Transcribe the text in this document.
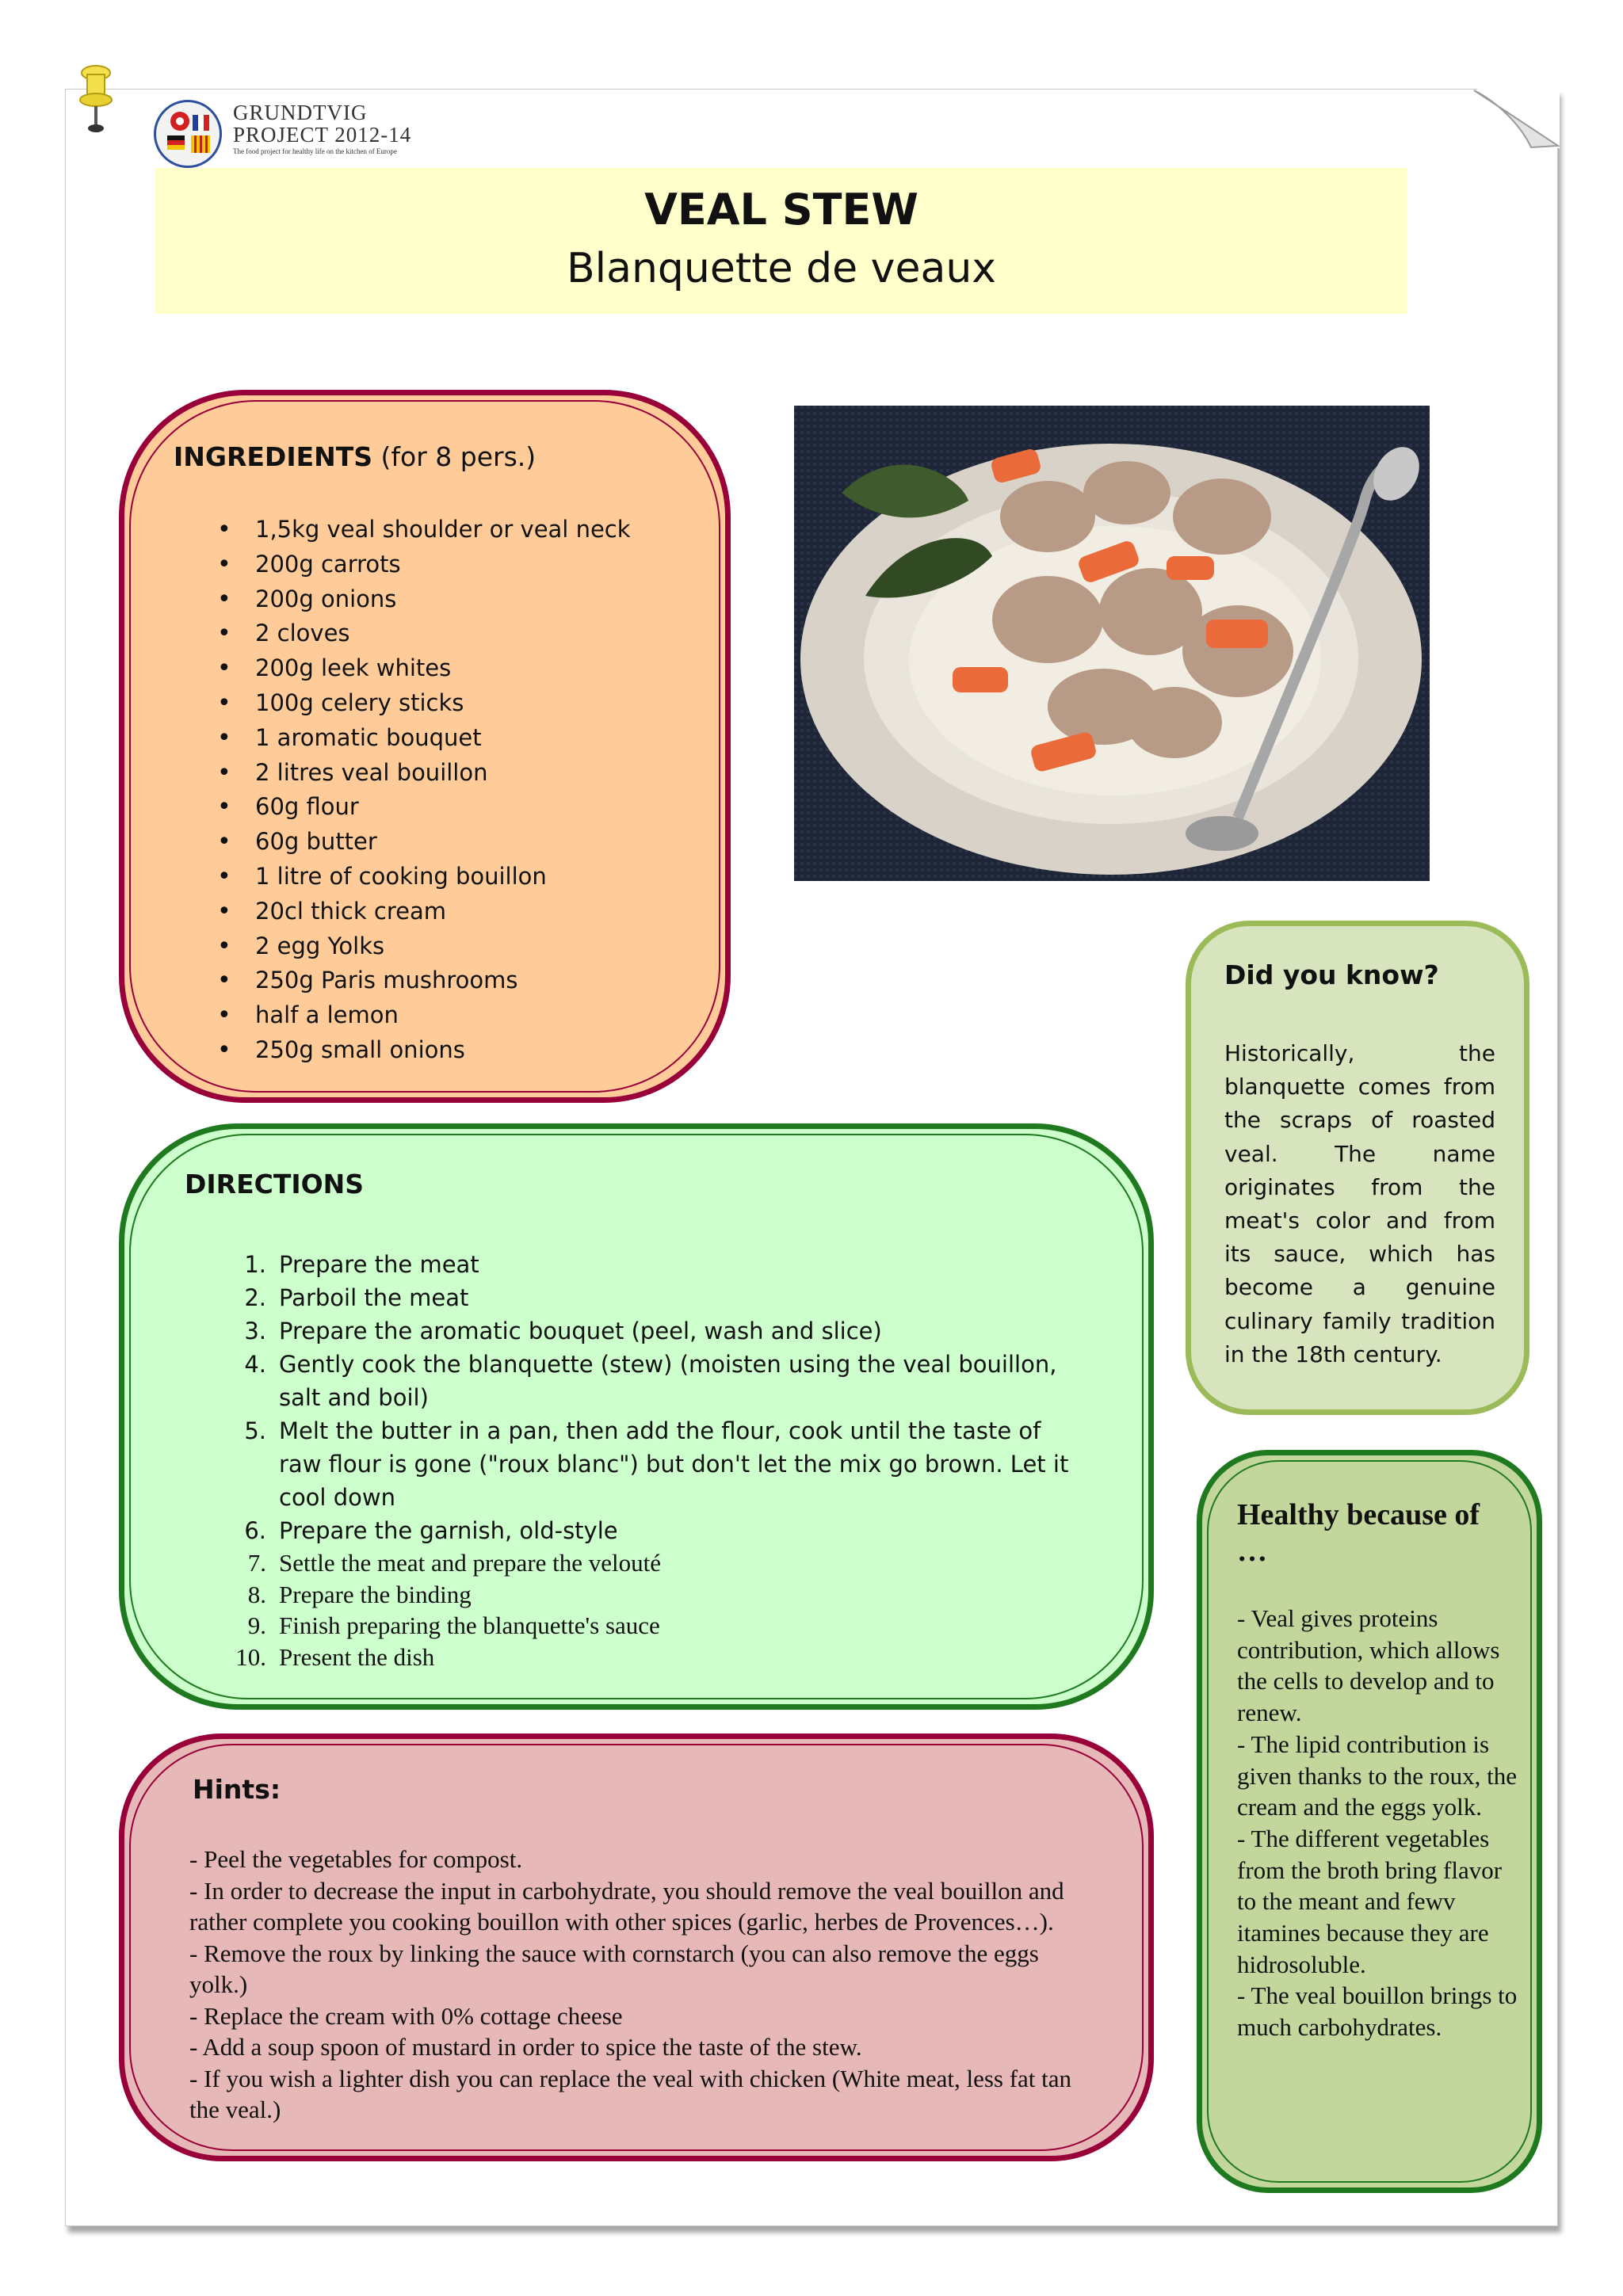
GRUNDTVIG
PROJECT 2012-14
The food project for healthy life on the kitchen of Europe
VEAL STEW
Blanquette de veaux
INGREDIENTS (for 8 pers.)
• 1,5kg veal shoulder or veal neck
• 200g carrots
• 200g onions
• 2 cloves
• 200g leek whites
• 100g celery sticks
• 1 aromatic bouquet
• 2 litres veal bouillon
• 60g flour
• 60g butter
• 1 litre of cooking bouillon
• 20cl thick cream
• 2 egg Yolks
• 250g Paris mushrooms
• half a lemon
• 250g small onions
Did you know?
Historically, the blanquette comes from the scraps of roasted veal. The name originates from the meat's color and from its sauce, which has become a genuine culinary family tradition in the 18th century.
DIRECTIONS
1. Prepare the meat
2. Parboil the meat
3. Prepare the aromatic bouquet (peel, wash and slice)
4. Gently cook the blanquette (stew) (moisten using the veal bouillon, salt and boil)
5. Melt the butter in a pan, then add the flour, cook until the taste of raw flour is gone ("roux blanc") but don't let the mix go brown. Let it cool down
6. Prepare the garnish, old-style
7. Settle the meat and prepare the velouté
8. Prepare the binding
9. Finish preparing the blanquette's sauce
10. Present the dish
Healthy because of …
- Veal gives proteins contribution, which allows the cells to develop and to renew.
- The lipid contribution is given thanks to the roux, the cream and the eggs yolk.
- The different vegetables from the broth bring flavor to the meant and fewv itamines because they are hidrosoluble.
- The veal bouillon brings to much carbohydrates.
Hints:
- Peel the vegetables for compost.
- In order to decrease the input in carbohydrate, you should remove the veal bouillon and rather complete you cooking bouillon with other spices (garlic, herbes de Provences…).
- Remove the roux by linking the sauce with cornstarch (you can also remove the eggs yolk.)
- Replace the cream with 0% cottage cheese
- Add a soup spoon of mustard in order to spice the taste of the stew.
- If you wish a lighter dish you can replace the veal with chicken (White meat, less fat tan the veal.)
